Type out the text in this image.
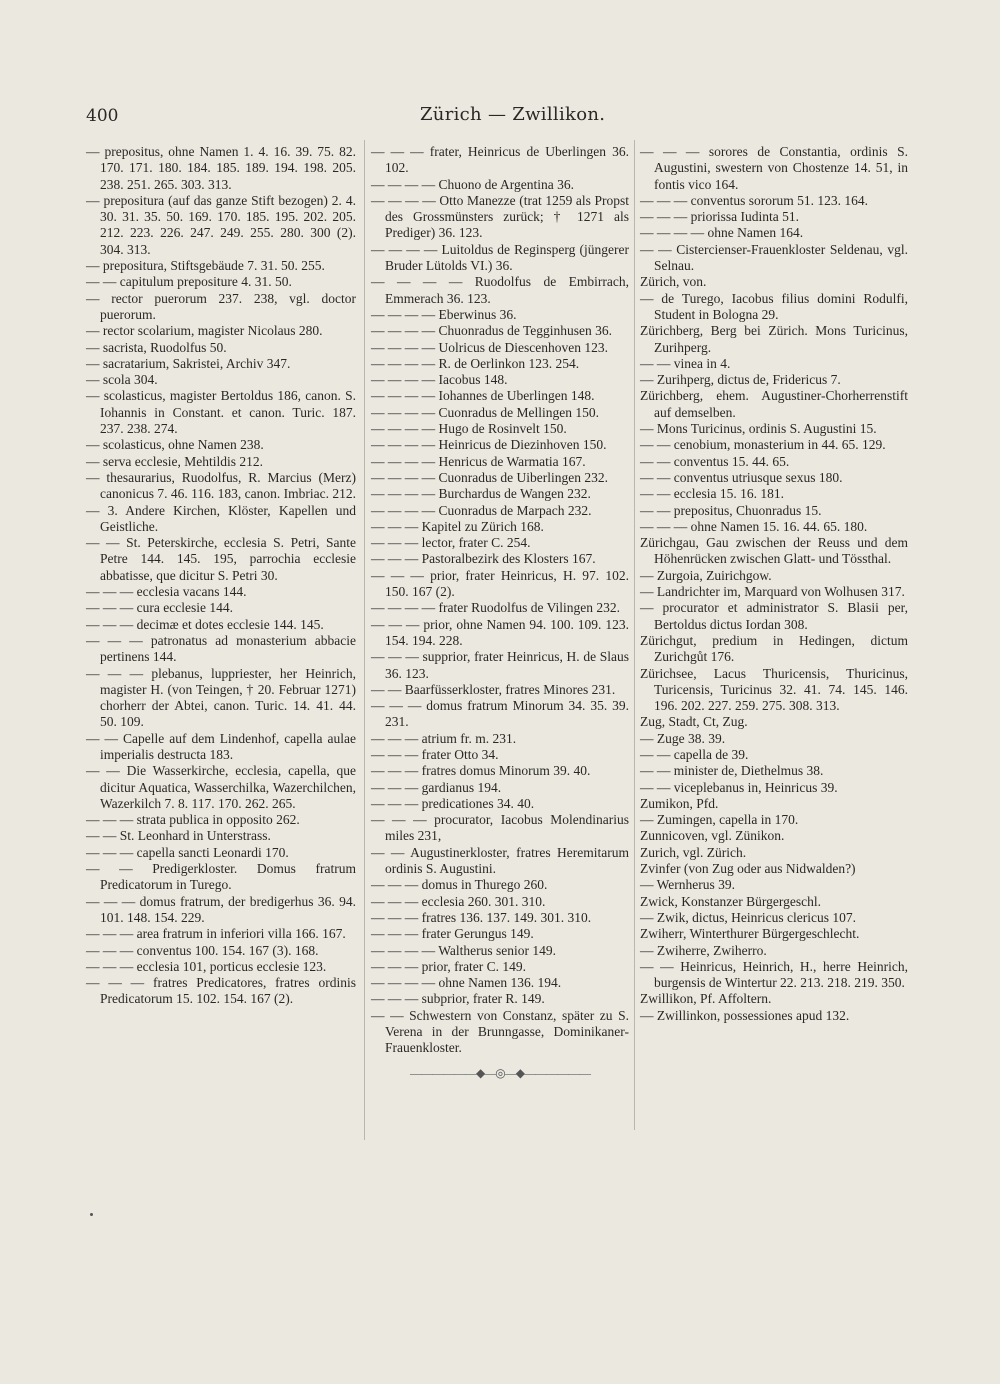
400	Zürich — Zwillikon.

— prepositus, ohne Namen 1. 4. 16. 39. 75. 82. 170. 171. 180. 184. 185. 189. 194. 198. 205. 238. 251. 265. 303. 313.

— prepositura (auf das ganze Stift bezogen) 2. 4. 30. 31. 35. 50. 169. 170. 185. 195. 202. 205. 212. 223. 226. 247. 249. 255. 280. 300 (2). 304. 313.

— prepositura, Stiftsgebäude 7. 31. 50. 255.

— — capitulum prepositure 4. 31. 50.

— rector puerorum 237. 238, vgl. doctor puerorum.

— rector scolarium, magister Nicolaus 280.

— sacrista, Ruodolfus 50.

— sacratarium, Sakristei, Archiv 347.

— scola 304.

— scolasticus, magister Bertoldus 186, canon. S. Iohannis in Constant. et canon. Turic. 187. 237. 238. 274.

— scolasticus, ohne Namen 238.

— serva ecclesie, Mehtildis 212.

— thesaurarius, Ruodolfus, R. Marcius (Merz) canonicus 7. 46. 116. 183, canon. Imbriac. 212.

— 3. Andere Kirchen, Klöster, Kapellen und Geistliche.

— — St. Peterskirche, ecclesia S. Petri, Sante Petre 144. 145. 195, parrochia ecclesie abbatisse, que dicitur S. Petri 30.

— — — ecclesia vacans 144.

— — — cura ecclesie 144.

— — — decimæ et dotes ecclesie 144. 145.

— — — patronatus ad monasterium abbacie pertinens 144.

— — — plebanus, luppriester, her Heinrich, magister H. (von Teingen, † 20. Februar 1271) chorherr der Abtei, canon. Turic. 14. 41. 44. 50. 109.

— — Capelle auf dem Lindenhof, capella aulae imperialis destructa 183.

— — Die Wasserkirche, ecclesia, capella, que dicitur Aquatica, Wasserchilka, Wazerchilchen, Wazerkilch 7. 8. 117. 170. 262. 265.

— — — strata publica in opposito 262.

— — St. Leonhard in Unterstrass.

— — — capella sancti Leonardi 170.

— — Predigerkloster. Domus fratrum Predicatorum in Turego.

— — — domus fratrum, der bredigerhus 36. 94. 101. 148. 154. 229.

— — — area fratrum in inferiori villa 166. 167.

— — — conventus 100. 154. 167 (3). 168.

— — — ecclesia 101, porticus ecclesie 123.

— — — fratres Predicatores, fratres ordinis Predicatorum 15. 102. 154. 167 (2).

— — — frater, Heinricus de Uberlingen 36. 102.

— — — — Chuono de Argentina 36.

— — — — Otto Manezze (trat 1259 als Propst des Grossmünsters zurück; † 1271 als Prediger) 36. 123.

— — — — Luitoldus de Reginsperg (jüngerer Bruder Lütolds VI.) 36.

— — — — Ruodolfus de Embirrach, Emmerach 36. 123.

— — — — Eberwinus 36.

— — — — Chuonradus de Tegginhusen 36.

— — — — Uolricus de Diescenhoven 123.

— — — — R. de Oerlinkon 123. 254.

— — — — Iacobus 148.

— — — — Iohannes de Uberlingen 148.

— — — — Cuonradus de Mellingen 150.

— — — — Hugo de Rosinvelt 150.

— — — — Heinricus de Diezinhoven 150.

— — — — Henricus de Warmatia 167.

— — — — Cuonradus de Uiberlingen 232.

— — — — Burchardus de Wangen 232.

— — — — Cuonradus de Marpach 232.

— — — Kapitel zu Zürich 168.

— — — lector, frater C. 254.

— — — Pastoralbezirk des Klosters 167.

— — — prior, frater Heinricus, H. 97. 102. 150. 167 (2).

— — — — frater Ruodolfus de Vilingen 232.

— — — prior, ohne Namen 94. 100. 109. 123. 154. 194. 228.

— — — supprior, frater Heinricus, H. de Slaus 36. 123.

— — Baarfüsserkloster, fratres Minores 231.

— — — domus fratrum Minorum 34. 35. 39. 231.

— — — atrium fr. m. 231.

— — — frater Otto 34.

— — — fratres domus Minorum 39. 40.

— — — gardianus 194.

— — — predicationes 34. 40.

— — — procurator, Iacobus Molendinarius miles 231,

— — Augustinerkloster, fratres Heremitarum ordinis S. Augustini.

— — — domus in Thurego 260.

— — — ecclesia 260. 301. 310.

— — — fratres 136. 137. 149. 301. 310.

— — — frater Gerungus 149.

— — — — Waltherus senior 149.

— — — prior, frater C. 149.

— — — — ohne Namen 136. 194.

— — — subprior, frater R. 149.

— — Schwestern von Constanz, später zu S. Verena in der Brunngasse, Dominikaner-Frauenkloster.

——————◆—◎—◆——————

— — — sorores de Constantia, ordinis S. Augustini, swestern von Chostenze 14. 51, in fontis vico 164.

— — — conventus sororum 51. 123. 164.

— — — priorissa Iudinta 51.

— — — — ohne Namen 164.

— — Cistercienser-Frauenkloster Seldenau, vgl. Selnau.

Zürich, von.

— de Turego, Iacobus filius domini Rodulfi, Student in Bologna 29.

Zürichberg, Berg bei Zürich. Mons Turicinus, Zurihperg.

— — vinea in 4.

— Zurihperg, dictus de, Fridericus 7.

Zürichberg, ehem. Augustiner-Chorherrenstift auf demselben.

— Mons Turicinus, ordinis S. Augustini 15.

— — cenobium, monasterium in 44. 65. 129.

— — conventus 15. 44. 65.

— — conventus utriusque sexus 180.

— — ecclesia 15. 16. 181.

— — prepositus, Chuonradus 15.

— — — ohne Namen 15. 16. 44. 65. 180.

Zürichgau, Gau zwischen der Reuss und dem Höhenrücken zwischen Glatt- und Tössthal.

— Zurgoia, Zuirichgow.

— Landrichter im, Marquard von Wolhusen 317.

— procurator et administrator S. Blasii per, Bertoldus dictus Iordan 308.

Zürichgut, predium in Hedingen, dictum Zurichgůt 176.

Zürichsee, Lacus Thuricensis, Thuricinus, Turicensis, Turicinus 32. 41. 74. 145. 146. 196. 202. 227. 259. 275. 308. 313.

Zug, Stadt, Ct, Zug.

— Zuge 38. 39.

— — capella de 39.

— — minister de, Diethelmus 38.

— — viceplebanus in, Heinricus 39.

Zumikon, Pfd.

— Zumingen, capella in 170.

Zunnicoven, vgl. Zünikon.

Zurich, vgl. Zürich.

Zvinfer (von Zug oder aus Nidwalden?)

— Wernherus 39.

Zwick, Konstanzer Bürgergeschl.

— Zwik, dictus, Heinricus clericus 107.

Zwiherr, Winterthurer Bürgergeschlecht.

— Zwiherre, Zwiherro.

— — Heinricus, Heinrich, H., herre Heinrich, burgensis de Wintertur 22. 213. 218. 219. 350.

Zwillikon, Pf. Affoltern.

— Zwillinkon, possessiones apud 132.
